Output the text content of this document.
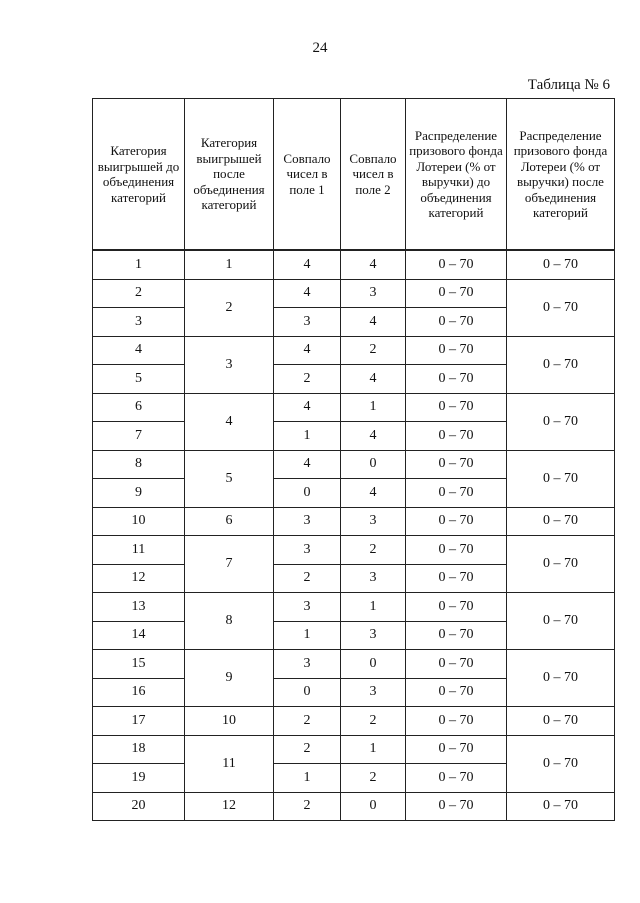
24
Таблица № 6
Категория выигрышей до объединения категорий	Категория выигрышей после объединения категорий	Совпало чисел в поле 1	Совпало чисел в поле 2	Распределение призового фонда Лотереи (% от выручки) до объединения категорий	Распределение призового фонда Лотереи (% от выручки) после объединения категорий
1	1	4	4	0 – 70	0 – 70
2	2	4	3	0 – 70	0 – 70
3		3	4	0 – 70	
4	3	4	2	0 – 70	0 – 70
5		2	4	0 – 70	
6	4	4	1	0 – 70	0 – 70
7		1	4	0 – 70	
8	5	4	0	0 – 70	0 – 70
9		0	4	0 – 70	
10	6	3	3	0 – 70	0 – 70
11	7	3	2	0 – 70	0 – 70
12		2	3	0 – 70	
13	8	3	1	0 – 70	0 – 70
14		1	3	0 – 70	
15	9	3	0	0 – 70	0 – 70
16		0	3	0 – 70	
17	10	2	2	0 – 70	0 – 70
18	11	2	1	0 – 70	0 – 70
19		1	2	0 – 70	
20	12	2	0	0 – 70	0 – 70
